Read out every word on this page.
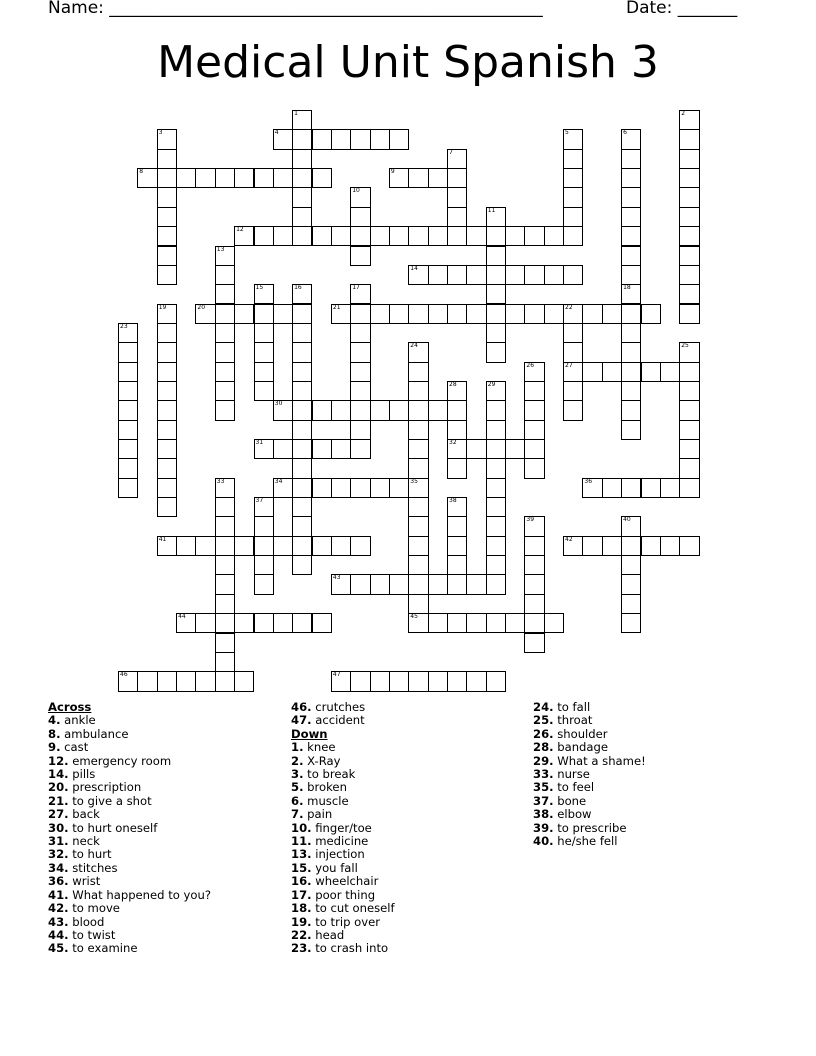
Name: ___________________________________________________	Date: _______
Medical Unit Spanish 3
1	2
3	4	5	6
7
8	9
10
11
12
13
14
15	16	17	18
19	20	21	22
27
23
24	25
26
28
32
29
30
31
33	34	35	36
37	38
39	40
41	42
43
44	45
46	47
Across
4. ankle
8. ambulance
9. cast
12. emergency room
14. pills
20. prescription
21. to give a shot
27. back
30. to hurt oneself
31. neck
32. to hurt
34. stitches
36. wrist
41. What happened to you?
42. to move
43. blood
44. to twist
45. to examine
46. crutches
47. accident
Down
1. knee
2. X-Ray
3. to break
5. broken
6. muscle
7. pain
10. finger/toe
11. medicine
13. injection
15. you fall
16. wheelchair
17. poor thing
18. to cut oneself
19. to trip over
22. head
23. to crash into
24. to fall
25. throat
26. shoulder
28. bandage
29. What a shame!
33. nurse
35. to feel
37. bone
38. elbow
39. to prescribe
40. he/she fell
